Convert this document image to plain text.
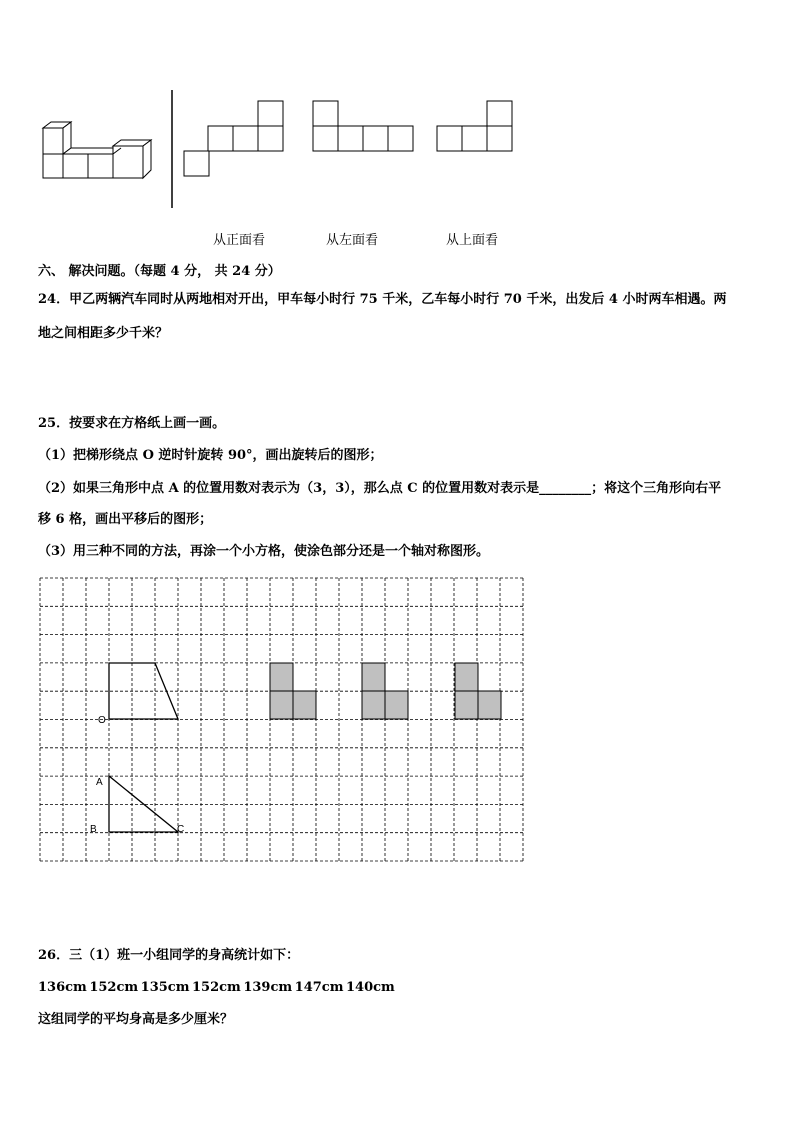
从正面看	从左面看	从上面看
六、 解决问题。（每题 4 分， 共 24 分）
24．甲乙两辆汽车同时从两地相对开出，甲车每小时行 75 千米，乙车每小时行 70 千米，出发后 4 小时两车相遇。两
地之间相距多少千米？
25．按要求在方格纸上画一画。
（1）把梯形绕点 O 逆时针旋转 90°，画出旋转后的图形；
（2）如果三角形中点 A 的位置用数对表示为（3，3），那么点 C 的位置用数对表示是________；将这个三角形向右平
移 6 格，画出平移后的图形；
（3）用三种不同的方法，再涂一个小方格，使涂色部分还是一个轴对称图形。
O
A
B	C
26．三（1）班一小组同学的身高统计如下：
136cm 152cm 135cm 152cm 139cm 147cm 140cm
这组同学的平均身高是多少厘米？
